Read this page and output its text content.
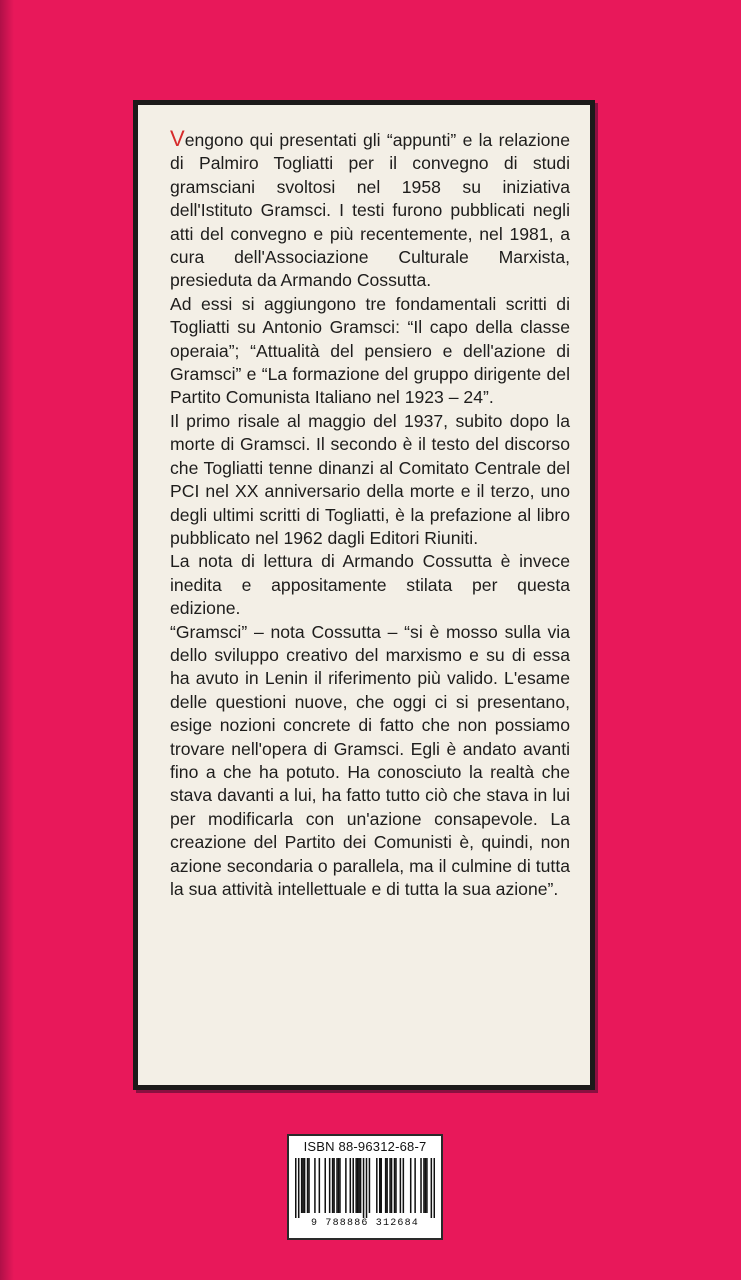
Vengono qui presentati gli “appunti” e la relazione di Palmiro Togliatti per il convegno di studi gramsciani svoltosi nel 1958 su iniziativa dell'Istituto Gramsci. I testi furono pubblicati negli atti del convegno e più recentemente, nel 1981, a cura dell'Associazione Culturale Marxista, presieduta da Armando Cossutta.

Ad essi si aggiungono tre fondamentali scritti di Togliatti su Antonio Gramsci: “Il capo della classe operaia”; “Attualità del pensiero e dell'azione di Gramsci” e “La formazione del gruppo dirigente del Partito Comunista Italiano nel 1923 – 24”.

Il primo risale al maggio del 1937, subito dopo la morte di Gramsci. Il secondo è il testo del discorso che Togliatti tenne dinanzi al Comitato Centrale del PCI nel XX anniversario della morte e il terzo, uno degli ultimi scritti di Togliatti, è la prefazione al libro pubblicato nel 1962 dagli Editori Riuniti.

La nota di lettura di Armando Cossutta è invece inedita e appositamente stilata per questa edizione.

“Gramsci” – nota Cossutta – “si è mosso sulla via dello sviluppo creativo del marxismo e su di essa ha avuto in Lenin il riferimento più valido. L'esame delle questioni nuove, che oggi ci si presentano, esige nozioni concrete di fatto che non possiamo trovare nell'opera di Gramsci. Egli è andato avanti fino a che ha potuto. Ha conosciuto la realtà che stava davanti a lui, ha fatto tutto ciò che stava in lui per modificarla con un'azione consapevole. La creazione del Partito dei Comunisti è, quindi, non azione secondaria o parallela, ma il culmine di tutta la sua attività intellettuale e di tutta la sua azione”.

ISBN 88-96312-68-7
9 788886 312684
